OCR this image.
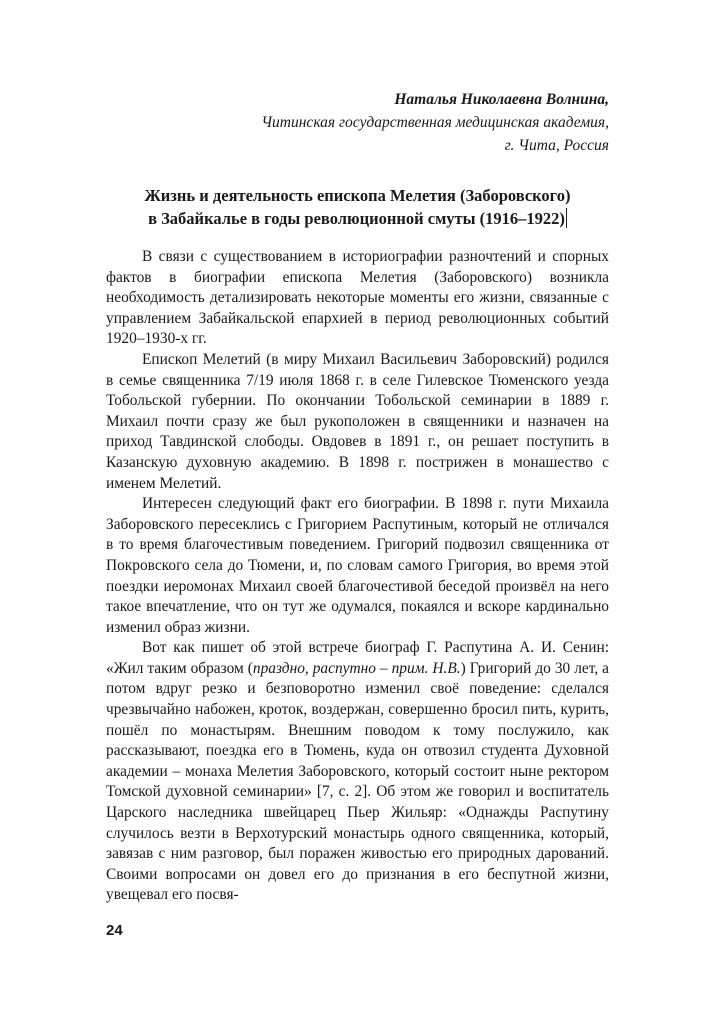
Наталья Николаевна Волнина,
Читинская государственная медицинская академия,
г. Чита, Россия
Жизнь и деятельность епископа Мелетия (Заборовского)
в Забайкалье в годы революционной смуты (1916–1922)

В связи с существованием в историографии разночтений и спорных фактов в биографии епископа Мелетия (Заборовского) возникла необходимость детализировать некоторые моменты его жизни, связанные с управлением Забайкальской епархией в период революционных событий 1920–1930-х гг.

Епископ Мелетий (в миру Михаил Васильевич Заборовский) родился в семье священника 7/19 июля 1868 г. в селе Гилевское Тюменского уезда Тобольской губернии. По окончании Тобольской семинарии в 1889 г. Михаил почти сразу же был рукоположен в священники и назначен на приход Тавдинской слободы. Овдовев в 1891 г., он решает поступить в Казанскую духовную академию. В 1898 г. пострижен в монашество с именем Мелетий.

Интересен следующий факт его биографии. В 1898 г. пути Михаила Заборовского пересеклись с Григорием Распутиным, который не отличался в то время благочестивым поведением. Григорий подвозил священника от Покровского села до Тюмени, и, по словам самого Григория, во время этой поездки иеромонах Михаил своей благочестивой беседой произвёл на него такое впечатление, что он тут же одумался, покаялся и вскоре кардинально изменил образ жизни.

Вот как пишет об этой встрече биограф Г. Распутина А. И. Сенин: «Жил таким образом (праздно, распутно – прим. Н.В.) Григорий до 30 лет, а потом вдруг резко и безповоротно изменил своё поведение: сделался чрезвычайно набожен, кроток, воздержан, совершенно бросил пить, курить, пошёл по монастырям. Внешним поводом к тому послужило, как рассказывают, поездка его в Тюмень, куда он отвозил студента Духовной академии – монаха Мелетия Заборовского, который состоит ныне ректором Томской духовной семинарии» [7, с. 2]. Об этом же говорил и воспитатель Царского наследника швейцарец Пьер Жильяр: «Однажды Распутину случилось везти в Верхотурский монастырь одного священника, который, завязав с ним разговор, был поражен живостью его природных дарований. Своими вопросами он довел его до признания в его беспутной жизни, увещевал его посвя-

24
